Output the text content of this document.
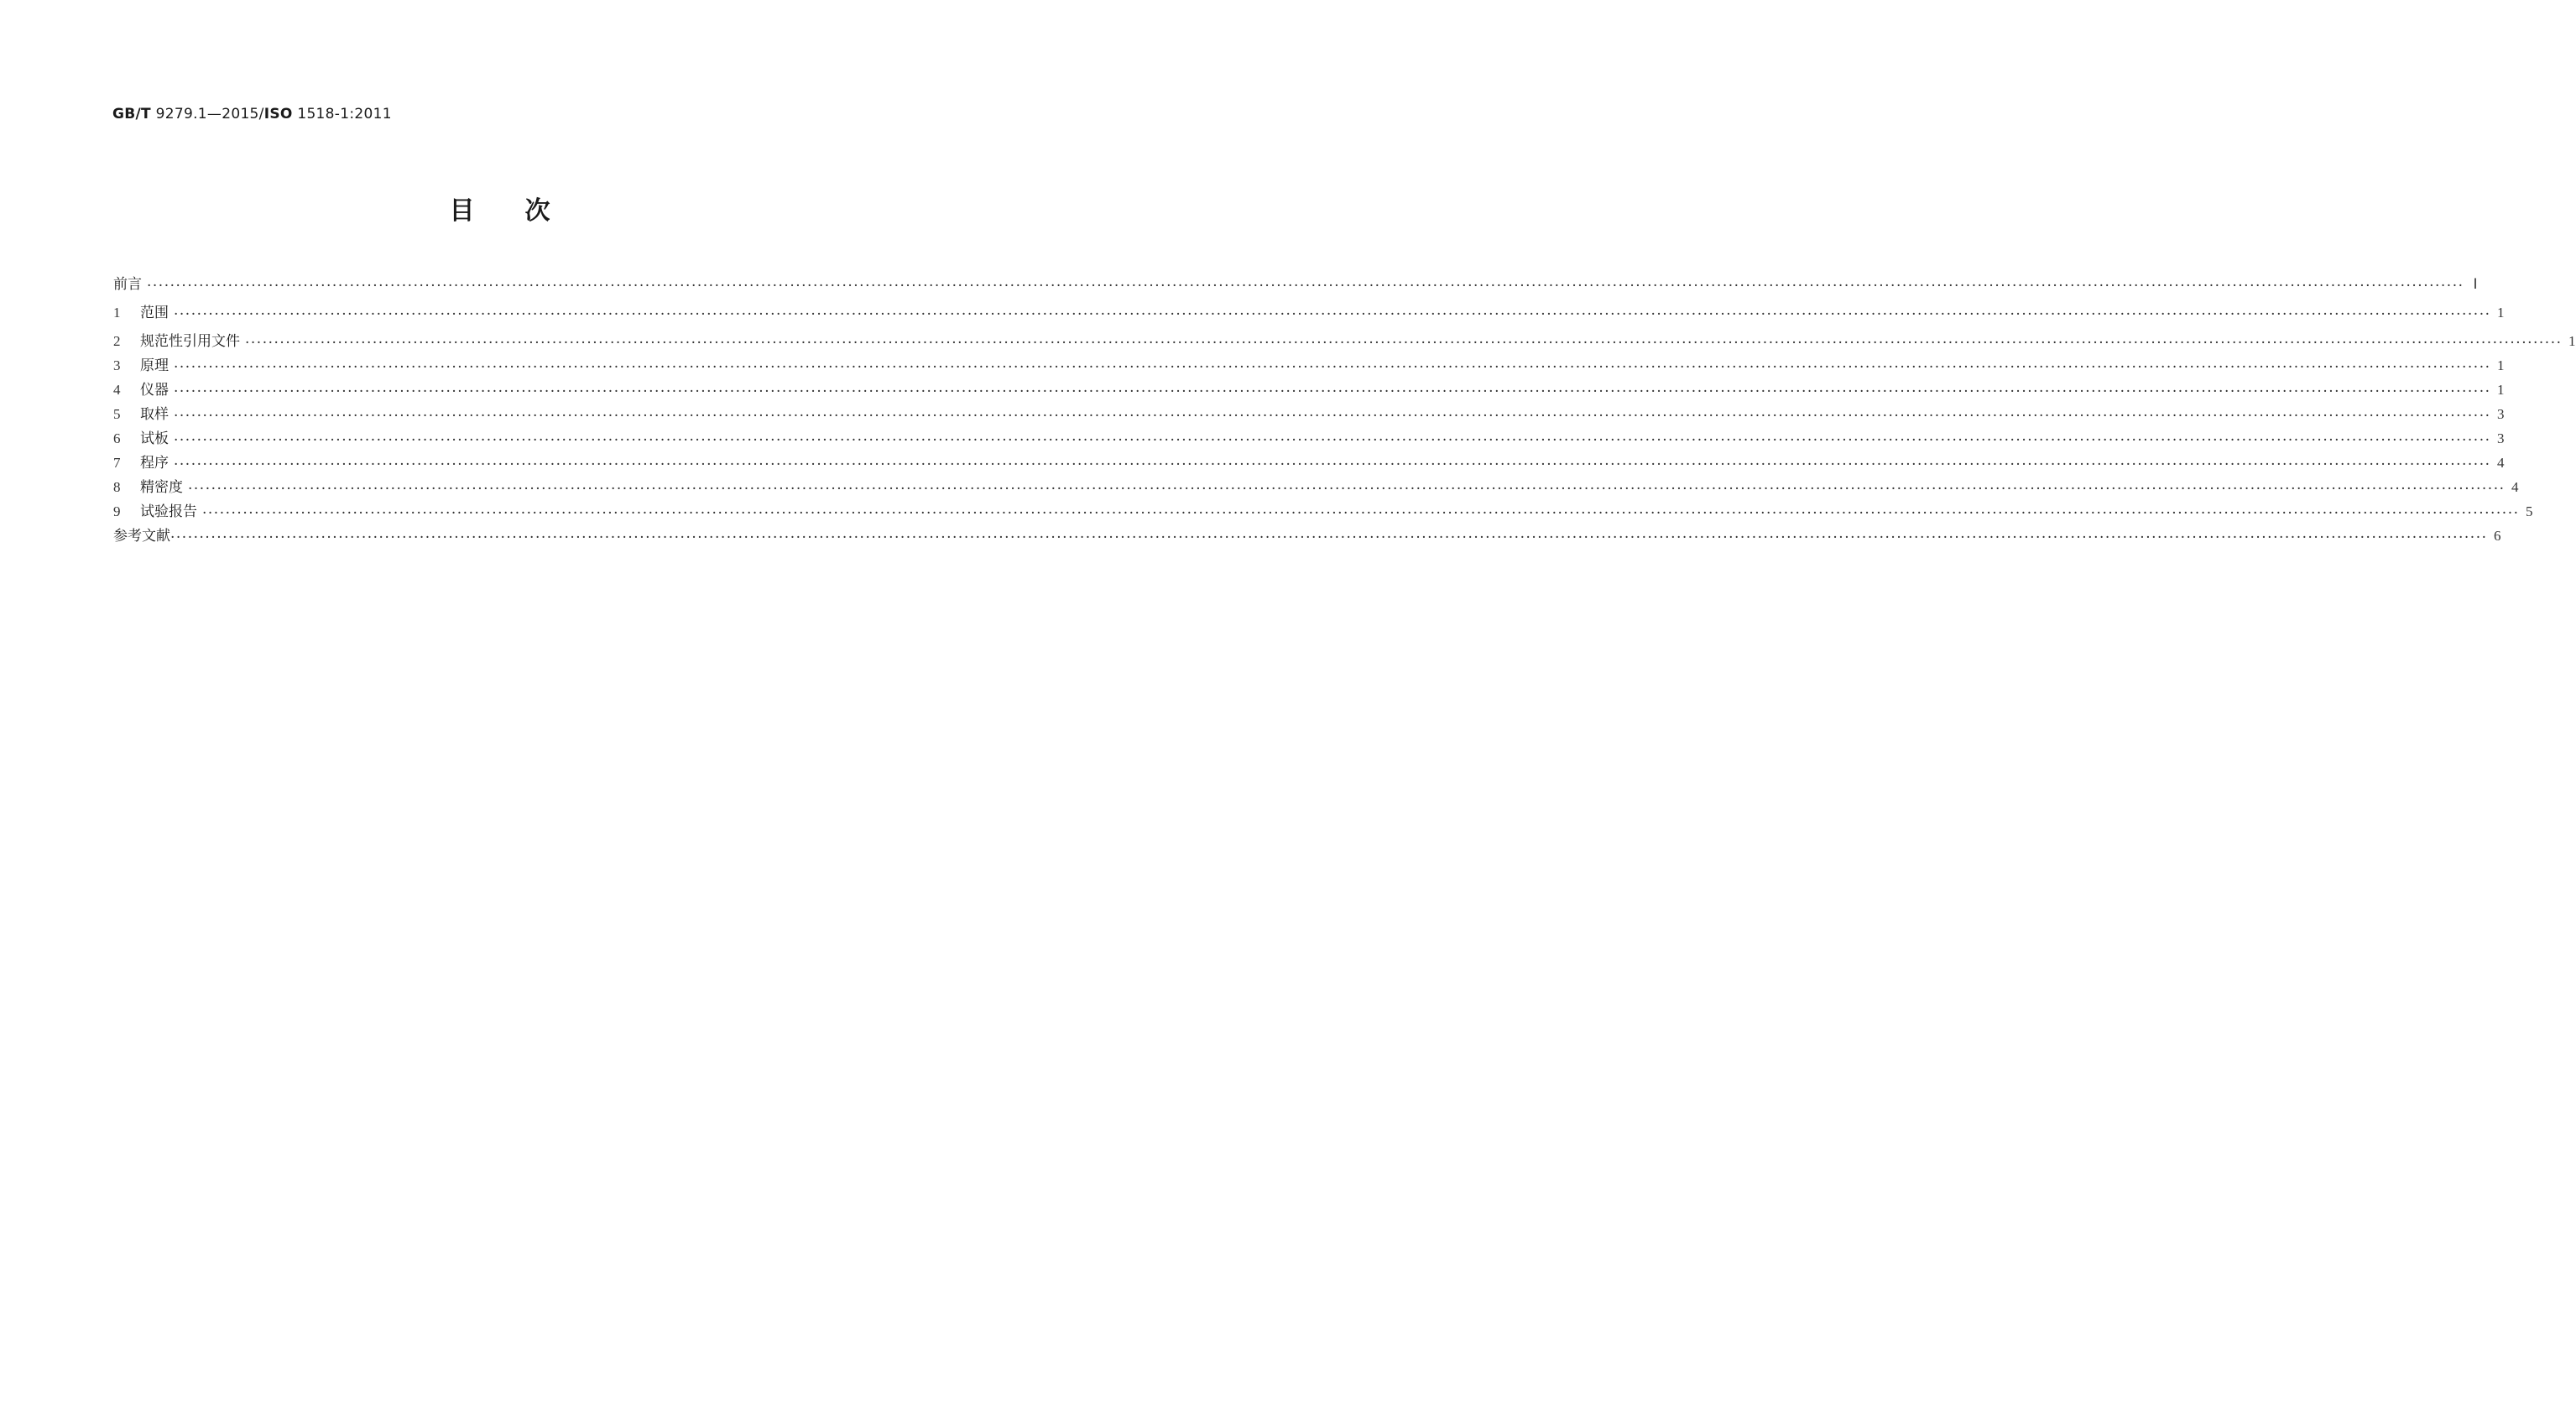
GB/T 9279.1—2015/ISO 1518-1:2011
目次
前言 ················································································································································································································································································································································································································ Ⅰ
1	范围 ················································································································································································································································································································································································································ 1
2	规范性引用文件 ················································································································································································································································································································································································································ 1
3	原理 ················································································································································································································································································································································································································ 1
4	仪器 ················································································································································································································································································································································································································ 1
5	取样 ················································································································································································································································································································································································································ 3
6	试板 ················································································································································································································································································································································································································ 3
7	程序 ················································································································································································································································································································································································································ 4
8	精密度 ················································································································································································································································································································································································································ 4
9	试验报告 ················································································································································································································································································································································································································ 5
参考文献 ················································································································································································································································································································································································································ 6
